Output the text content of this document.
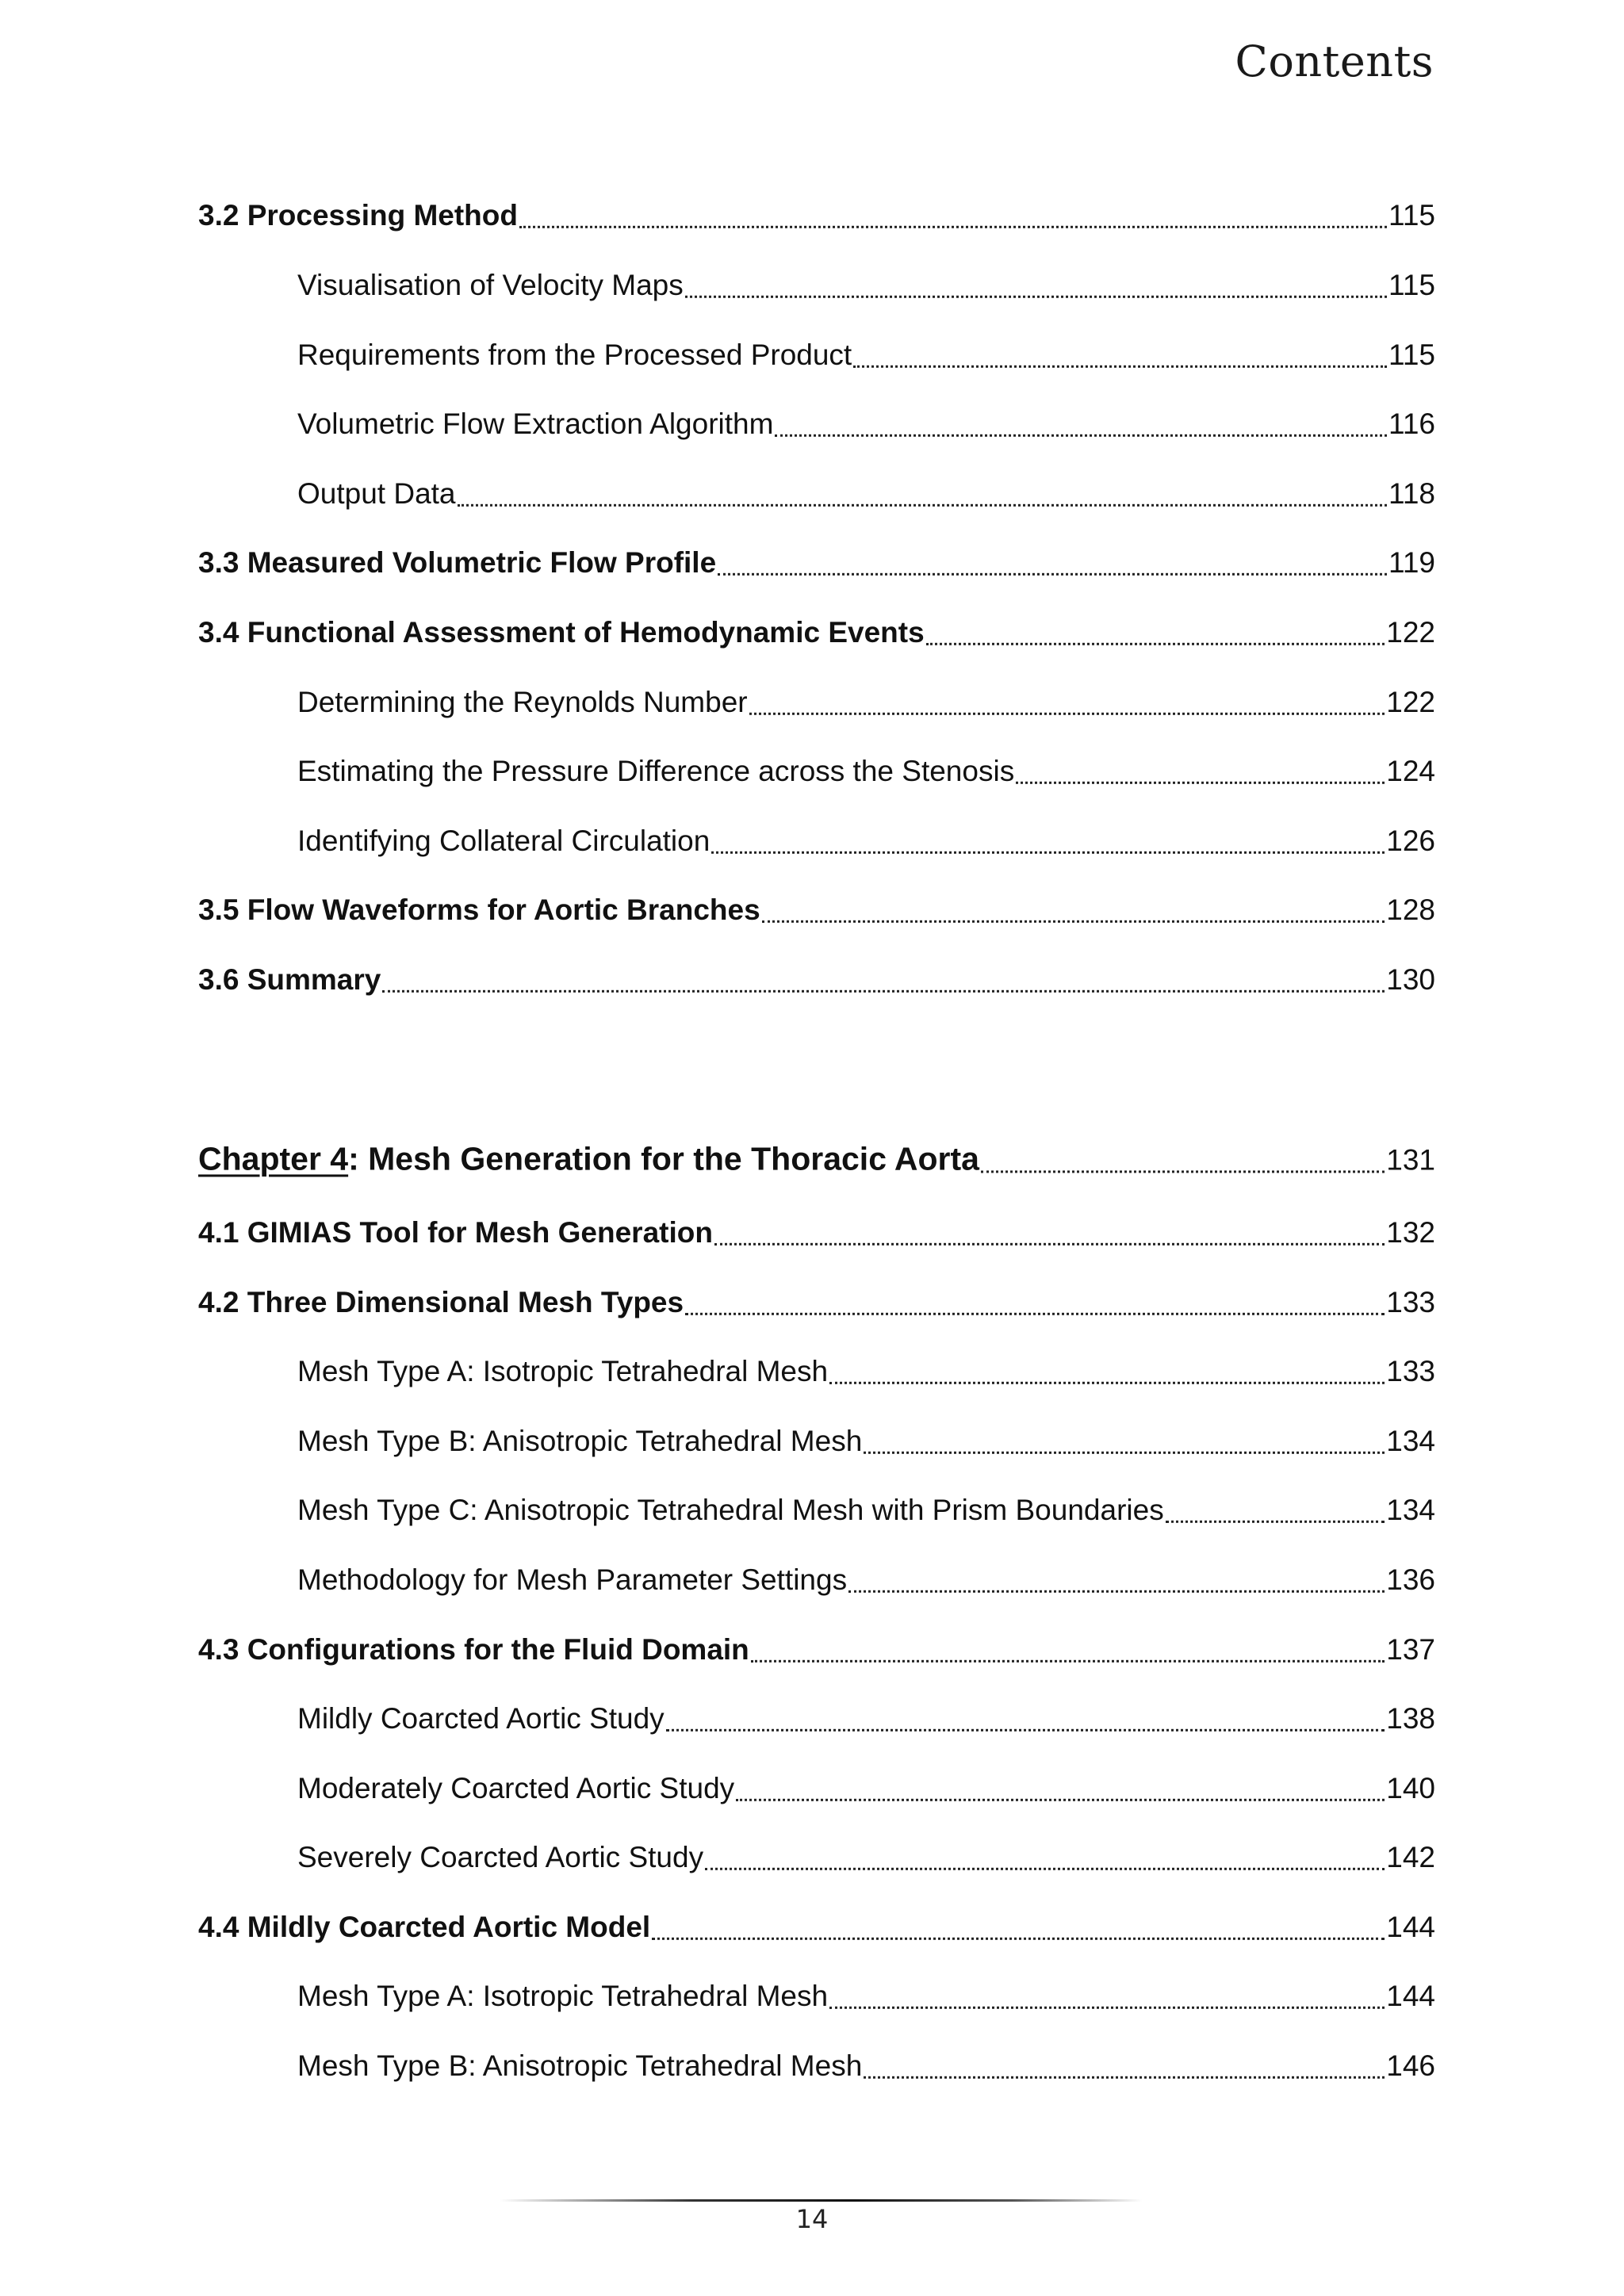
Contents
3.2 Processing Method	115
Visualisation of Velocity Maps	115
Requirements from the Processed Product	115
Volumetric Flow Extraction Algorithm	116
Output Data	118
3.3 Measured Volumetric Flow Profile	119
3.4 Functional Assessment of Hemodynamic Events	122
Determining the Reynolds Number	122
Estimating the Pressure Difference across the Stenosis	124
Identifying Collateral Circulation	126
3.5 Flow Waveforms for Aortic Branches	128
3.6 Summary	130
Chapter 4: Mesh Generation for the Thoracic Aorta	131
4.1 GIMIAS Tool for Mesh Generation	132
4.2 Three Dimensional Mesh Types	133
Mesh Type A: Isotropic Tetrahedral Mesh	133
Mesh Type B: Anisotropic Tetrahedral Mesh	134
Mesh Type C: Anisotropic Tetrahedral Mesh with Prism Boundaries	134
Methodology for Mesh Parameter Settings	136
4.3 Configurations for the Fluid Domain	137
Mildly Coarcted Aortic Study	138
Moderately Coarcted Aortic Study	140
Severely Coarcted Aortic Study	142
4.4 Mildly Coarcted Aortic Model	144
Mesh Type A: Isotropic Tetrahedral Mesh	144
Mesh Type B: Anisotropic Tetrahedral Mesh	146
14
